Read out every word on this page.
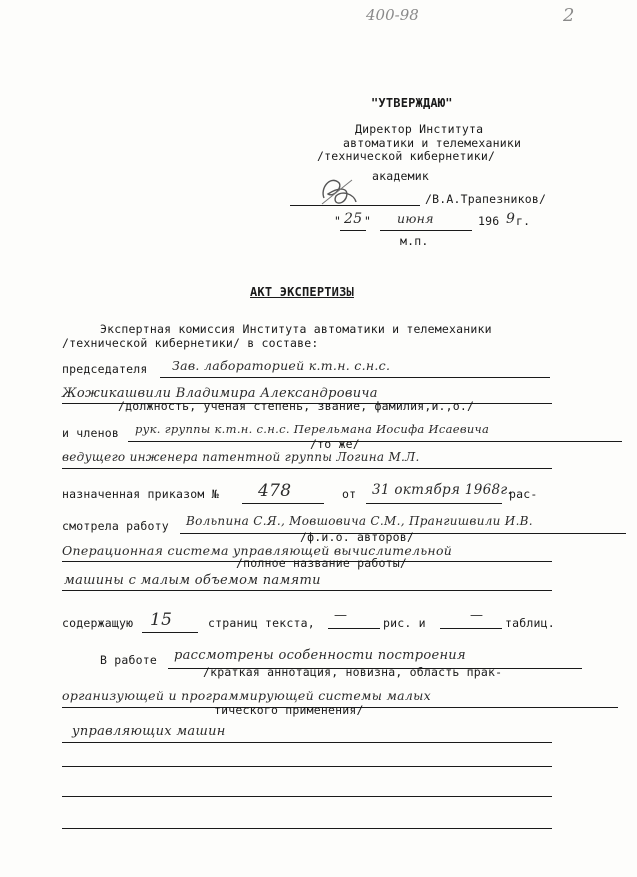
400-98	2
"УТВЕРЖДАЮ"
Директор Института
автоматики и телемеханики
/технической кибернетики/
академик
/В.А.Трапезников/
" 25 " июня	196 9 г.
м.п.
АКТ ЭКСПЕРТИЗЫ
Экспертная комиссия Института автоматики и телемеханики
/технической кибернетики/ в составе:
председателя Зав. лабораторией к.т.н. с.н.с.
Жожикашвили Владимира Александровича
/должность, ученая степень, звание, фамилия,и.,о./
и членов рук. группы к.т.н. с.н.с. Перельмана Иосифа Исаевича
/то же/
ведущего инженера патентной группы Логина М.Л.
назначенная приказом № 478	от 31 октября 1968г.
рас-
смотрела работу Вольпина С.Я., Мовшовича С.М., Прангишвили И.В.
/ф.и.о. авторов/
Операционная система управляющей вычислительной
/полное название работы/
машины с малым объемом памяти
содержащую 15	страниц текста, —	рис. и	— таблиц.
В работе рассмотрены особенности построения
/краткая аннотация, новизна, область прак-
организующей и программирующей системы малых
тического применения/
управляющих машин
